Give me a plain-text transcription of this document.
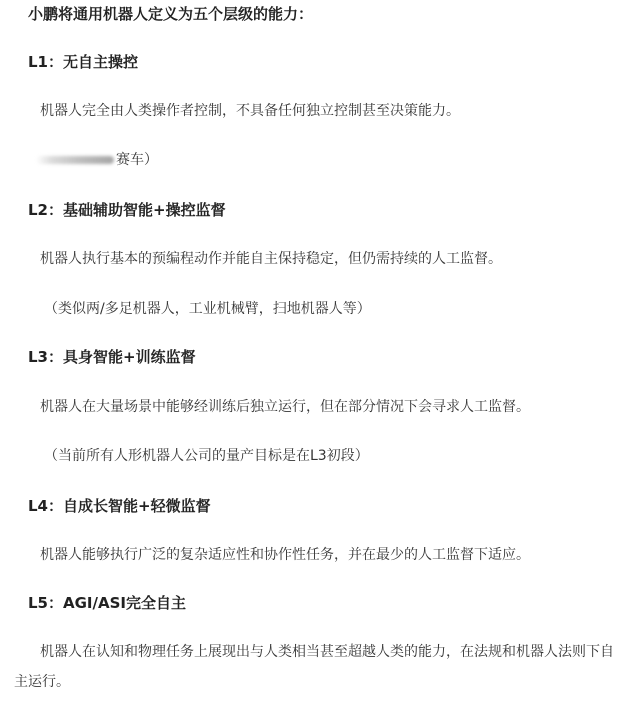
小鹏将通用机器人定义为五个层级的能力：
L1：无自主操控
机器人完全由人类操作者控制，不具备任何独立控制甚至决策能力。
赛车）
L2：基础辅助智能+操控监督
机器人执行基本的预编程动作并能自主保持稳定，但仍需持续的人工监督。
（类似两/多足机器人，工业机械臂，扫地机器人等）
L3：具身智能+训练监督
机器人在大量场景中能够经训练后独立运行，但在部分情况下会寻求人工监督。
（当前所有人形机器人公司的量产目标是在L3初段）
L4：自成长智能+轻微监督
机器人能够执行广泛的复杂适应性和协作性任务，并在最少的人工监督下适应。
L5：AGI/ASI完全自主
机器人在认知和物理任务上展现出与人类相当甚至超越人类的能力，在法规和机器人法则下自主运行。
